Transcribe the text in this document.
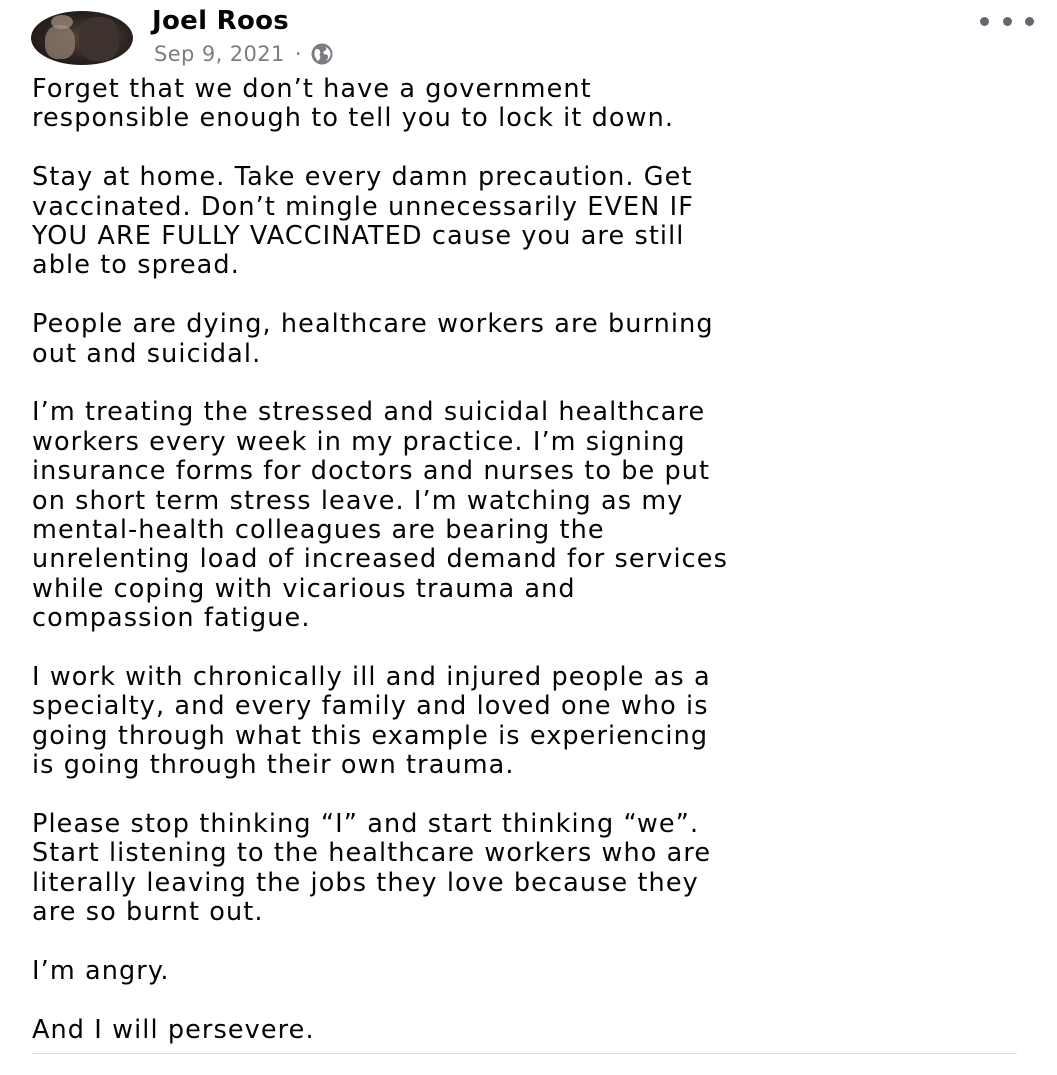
Joel Roos
Sep 9, 2021 ·

Forget that we don’t have a government
responsible enough to tell you to lock it down.

Stay at home. Take every damn precaution. Get
vaccinated. Don’t mingle unnecessarily EVEN IF
YOU ARE FULLY VACCINATED cause you are still
able to spread.

People are dying, healthcare workers are burning
out and suicidal.

I’m treating the stressed and suicidal healthcare
workers every week in my practice. I’m signing
insurance forms for doctors and nurses to be put
on short term stress leave. I’m watching as my
mental-health colleagues are bearing the
unrelenting load of increased demand for services
while coping with vicarious trauma and
compassion fatigue.

I work with chronically ill and injured people as a
specialty, and every family and loved one who is
going through what this example is experiencing
is going through their own trauma.

Please stop thinking “I” and start thinking “we”.
Start listening to the healthcare workers who are
literally leaving the jobs they love because they
are so burnt out.

I’m angry.

And I will persevere.
